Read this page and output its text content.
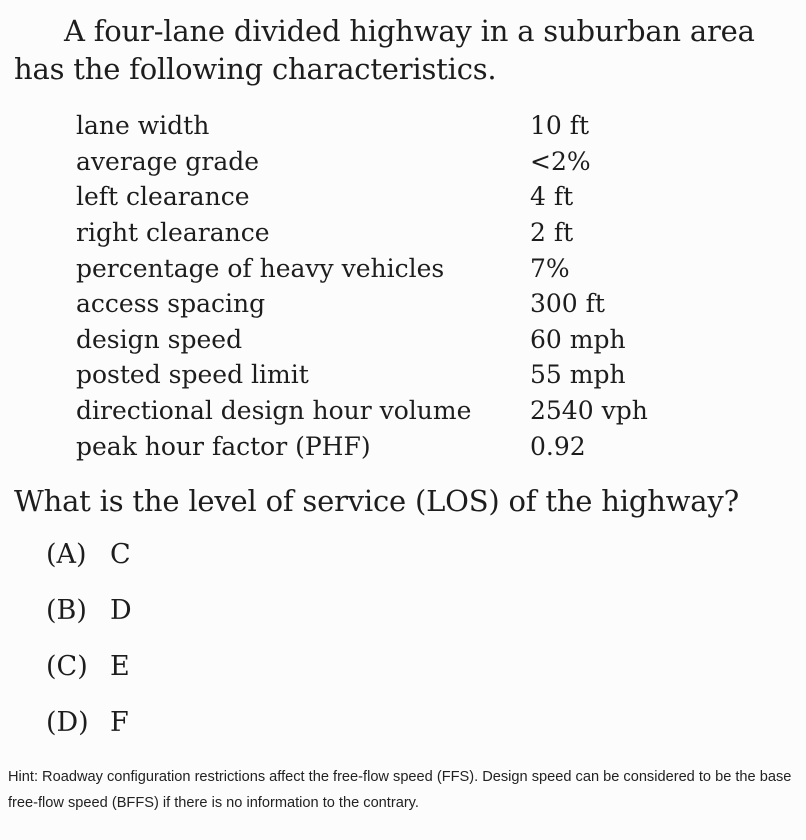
A four-lane divided highway in a suburban area has the following characteristics.

lane width	10 ft
average grade	<2%
left clearance	4 ft
right clearance	2 ft
percentage of heavy vehicles	7%
access spacing	300 ft
design speed	60 mph
posted speed limit	55 mph
directional design hour volume	2540 vph
peak hour factor (PHF)	0.92
What is the level of service (LOS) of the highway?
(A) C
(B) D
(C) E
(D) F

Hint: Roadway configuration restrictions affect the free-flow speed (FFS). Design speed can be considered to be the base free-flow speed (BFFS) if there is no information to the contrary.
